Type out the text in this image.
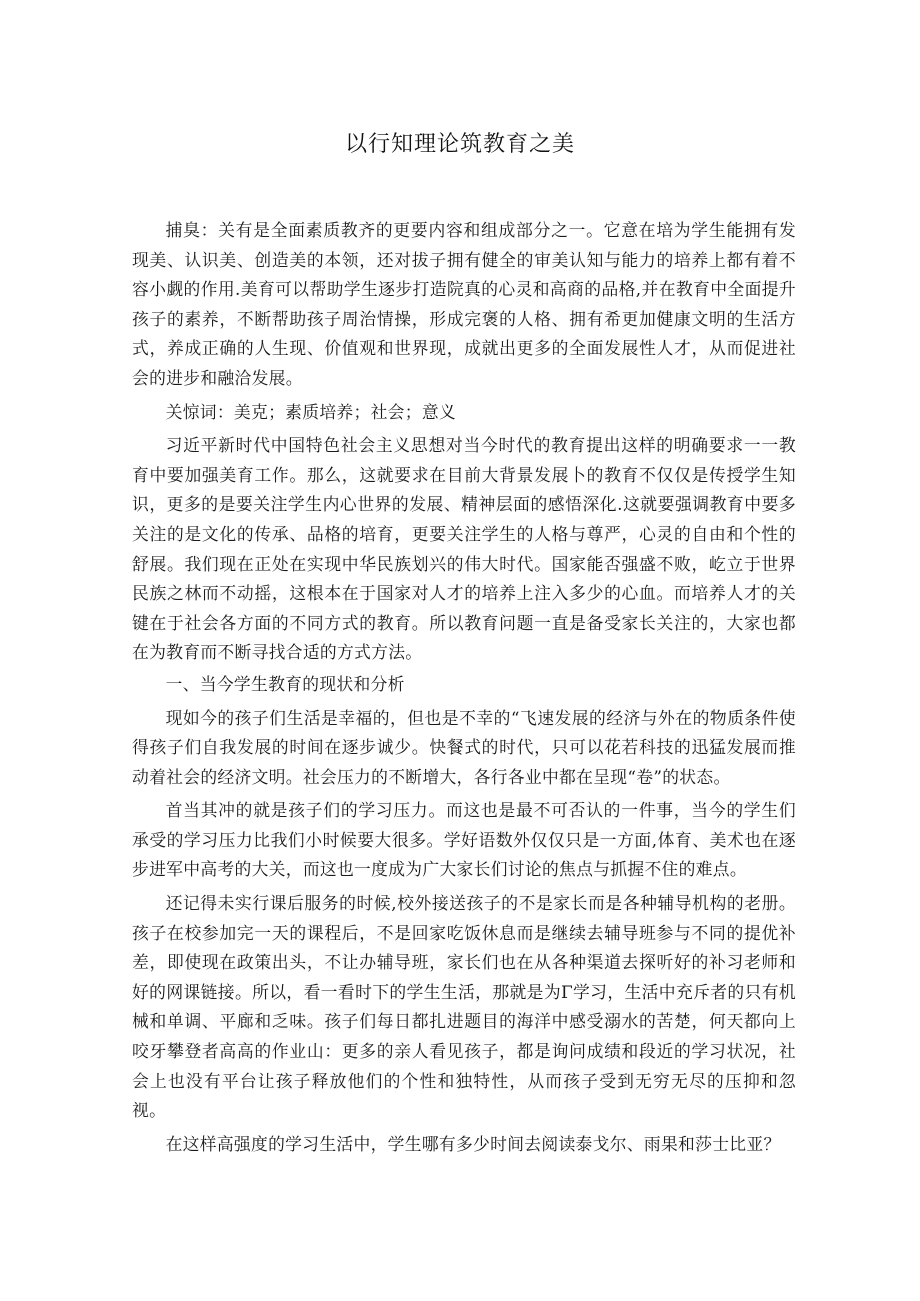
以行知理论筑教育之美

捕臭：关有是全面素质教齐的更要内容和组成部分之一。它意在培为学生能拥有发现美、认识美、创造美的本领，还对拔子拥有健全的审美认知与能力的培养上都有着不容小觑的作用.美育可以帮助学生逐步打造院真的心灵和高商的品格,并在教育中全面提升孩子的素养，不断帮助孩子周治情操，形成完褒的人格、拥有希更加健康文明的生活方式，养成正确的人生现、价值观和世界现，成就出更多的全面发展性人才，从而促进社会的进步和融洽发展。

关惊词：美克；素质培养；社会；意义

习近平新时代中国特色社会主义思想对当今时代的教育提出这样的明确要求一一教育中要加强美育工作。那么，这就要求在目前大背景发展卜的教育不仅仅是传授学生知识，更多的是要关注学生内心世界的发展、精神层面的感悟深化.这就要强调教育中要多关注的是文化的传承、品格的培育，更要关注学生的人格与尊严，心灵的自由和个性的舒展。我们现在正处在实现中华民族划兴的伟大时代。国家能否强盛不败，屹立于世界民族之林而不动摇，这根本在于国家对人才的培养上注入多少的心血。而培养人才的关键在于社会各方面的不同方式的教育。所以教育问题一直是备受家长关注的，大家也都在为教育而不断寻找合适的方式方法。

一、当今学生教育的现状和分析

现如今的孩子们生活是幸福的，但也是不幸的“飞速发展的经济与外在的物质条件使得孩子们自我发展的时间在逐步诚少。快餐式的时代，只可以花若科技的迅猛发展而推动着社会的经济文明。社会压力的不断增大，各行各业中都在呈现“卷”的状态。

首当其冲的就是孩子们的学习压力。而这也是最不可否认的一件事，当今的学生们承受的学习压力比我们小时候要大很多。学好语数外仅仅只是一方面,体育、美术也在逐步进军中高考的大关，而这也一度成为广大家长们讨论的焦点与抓握不住的难点。

还记得未实行课后服务的时候,校外接送孩子的不是家长而是各种辅导机构的老册。孩子在校参加完一天的课程后，不是回家吃饭休息而是继续去辅导班参与不同的提优补差，即使现在政策出头，不让办辅导班，家长们也在从各种渠道去探听好的补习老师和好的网课链接。所以，看一看时下的学生生活，那就是为Γ学习，生活中充斥者的只有机械和单调、平廊和乏味。孩子们每日都扎进题目的海洋中感受溺水的苦楚，何天都向上咬牙攀登者高高的作业山：更多的亲人看见孩子，都是询问成绩和段近的学习状况，社会上也没有平台让孩子释放他们的个性和独特性，从而孩子受到无穷无尽的压抑和忽视。

在这样高强度的学习生活中，学生哪有多少时间去阅读泰戈尔、雨果和莎士比亚？
